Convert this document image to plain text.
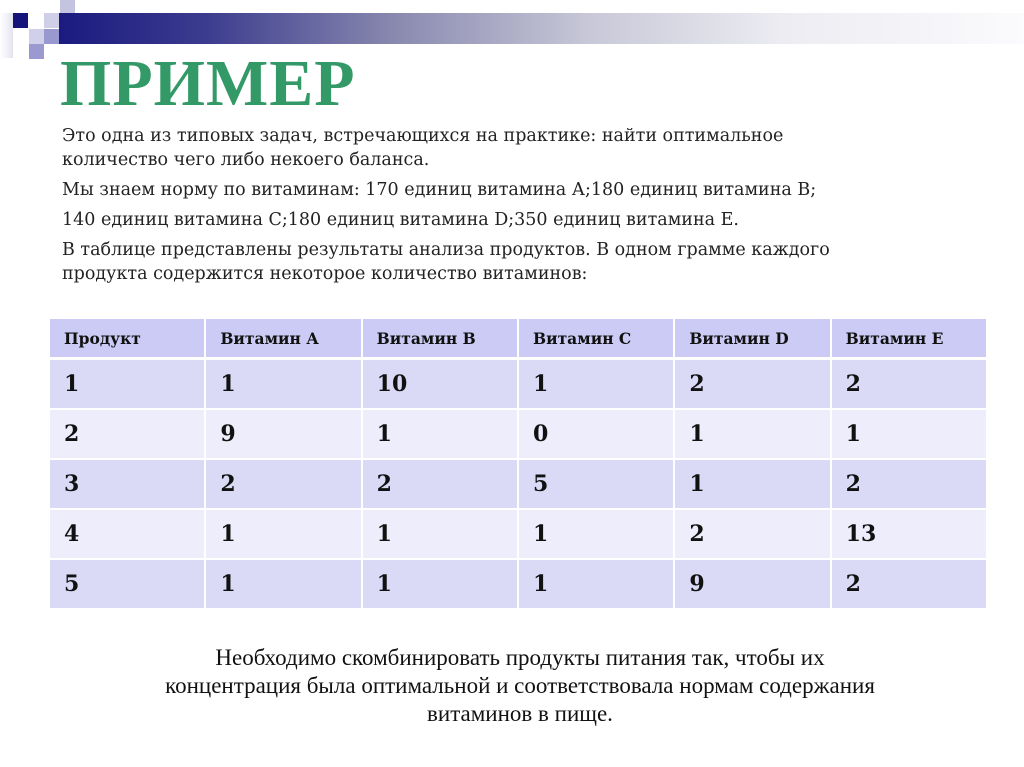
ПРИМЕР

Это одна из типовых задач, встречающихся на практике: найти оптимальное

количество чего либо некоего баланса.

Мы знаем норму по витаминам: 170 единиц витамина А;180 единиц витамина В;

140 единиц витамина С;180 единиц витамина D;350 единиц витамина Е.

В таблице представлены результаты анализа продуктов. В одном грамме каждого

продукта содержится некоторое количество витаминов:

Продукт	Витамин А	Витамин В	Витамин С	Витамин D	Витамин Е
1	1	10	1	2	2
2	9	1	0	1	1
3	2	2	5	1	2
4	1	1	1	2	13
5	1	1	1	9	2
Необходимо скомбинировать продукты питания так, чтобы их
концентрация была оптимальной и соответствовала нормам содержания
витаминов в пище.
